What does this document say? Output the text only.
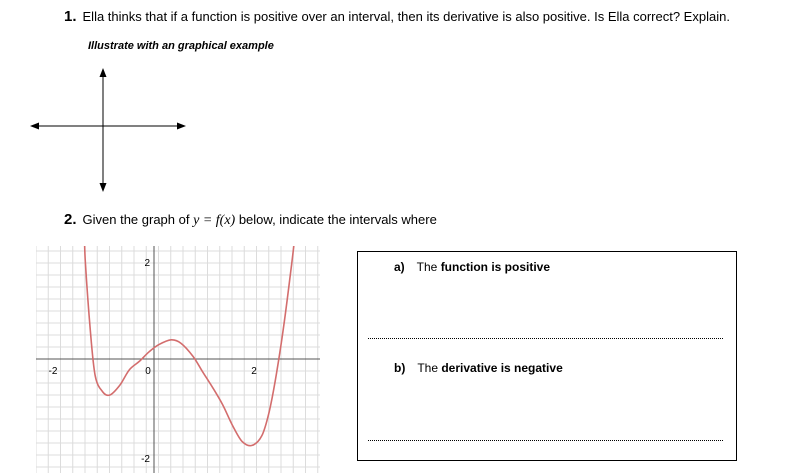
1. Ella thinks that if a function is positive over an interval, then its derivative is also positive. Is Ella correct? Explain.
Illustrate with an graphical example
2. Given the graph of y = f(x) below, indicate the intervals where
-2	0	2
2
-2
a) The function is positive
b) The derivative is negative
